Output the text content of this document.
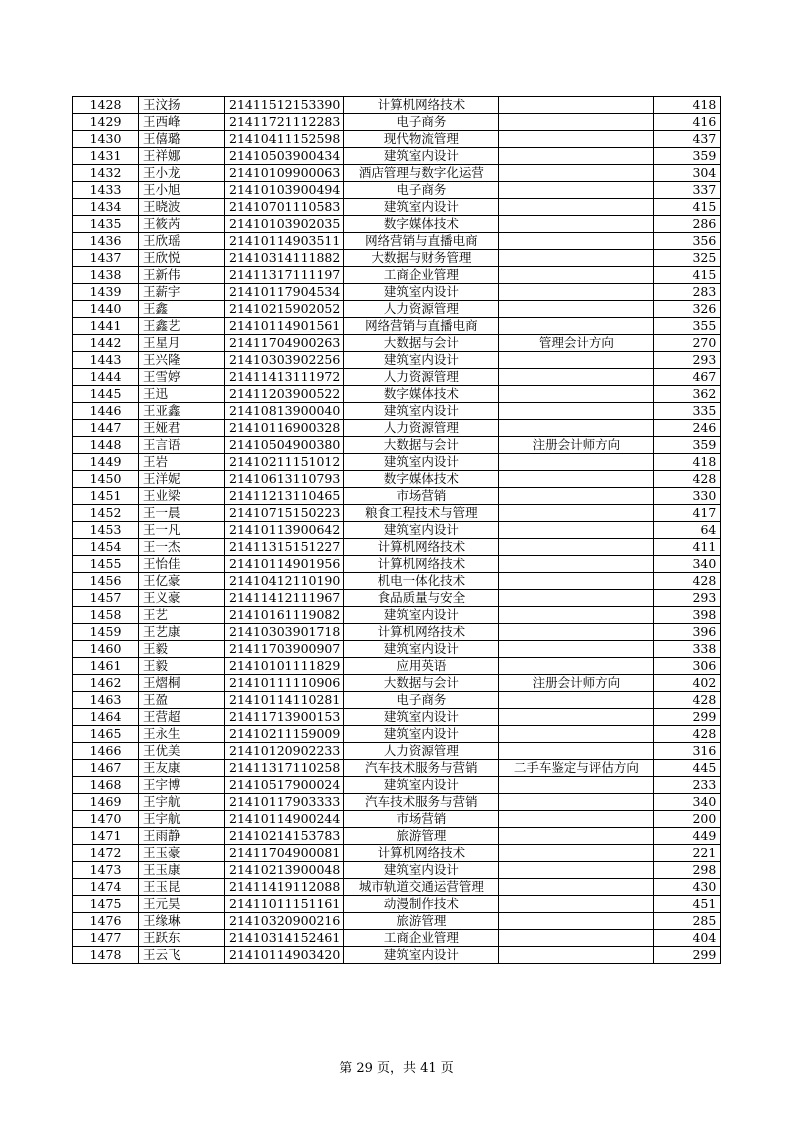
1428	王汶扬	21411512153390	计算机网络技术		418
1429	王西峰	21411721112283	电子商务		416
1430	王僖璐	21410411152598	现代物流管理		437
1431	王祥娜	21410503900434	建筑室内设计		359
1432	王小龙	21410109900063	酒店管理与数字化运营		304
1433	王小旭	21410103900494	电子商务		337
1434	王晓波	21410701110583	建筑室内设计		415
1435	王筱芮	21410103902035	数字媒体技术		286
1436	王欣瑶	21410114903511	网络营销与直播电商		356
1437	王欣悦	21410314111882	大数据与财务管理		325
1438	王新伟	21411317111197	工商企业管理		415
1439	王薪宇	21410117904534	建筑室内设计		283
1440	王鑫	21410215902052	人力资源管理		326
1441	王鑫艺	21410114901561	网络营销与直播电商		355
1442	王星月	21411704900263	大数据与会计	管理会计方向	270
1443	王兴隆	21410303902256	建筑室内设计		293
1444	王雪婷	21411413111972	人力资源管理		467
1445	王迅	21411203900522	数字媒体技术		362
1446	王亚鑫	21410813900040	建筑室内设计		335
1447	王娅君	21410116900328	人力资源管理		246
1448	王言语	21410504900380	大数据与会计	注册会计师方向	359
1449	王岩	21410211151012	建筑室内设计		418
1450	王洋妮	21410613110793	数字媒体技术		428
1451	王业梁	21411213110465	市场营销		330
1452	王一晨	21410715150223	粮食工程技术与管理		417
1453	王一凡	21410113900642	建筑室内设计		64
1454	王一杰	21411315151227	计算机网络技术		411
1455	王怡佳	21410114901956	计算机网络技术		340
1456	王亿豪	21410412110190	机电一体化技术		428
1457	王义豪	21411412111967	食品质量与安全		293
1458	王艺	21410161119082	建筑室内设计		398
1459	王艺康	21410303901718	计算机网络技术		396
1460	王毅	21411703900907	建筑室内设计		338
1461	王毅	21410101111829	应用英语		306
1462	王熠桐	21410111110906	大数据与会计	注册会计师方向	402
1463	王盈	21410114110281	电子商务		428
1464	王营超	21411713900153	建筑室内设计		299
1465	王永生	21410211159009	建筑室内设计		428
1466	王优美	21410120902233	人力资源管理		316
1467	王友康	21411317110258	汽车技术服务与营销	二手车鉴定与评估方向	445
1468	王宇博	21410517900024	建筑室内设计		233
1469	王宇航	21410117903333	汽车技术服务与营销		340
1470	王宇航	21410114900244	市场营销		200
1471	王雨静	21410214153783	旅游管理		449
1472	王玉豪	21411704900081	计算机网络技术		221
1473	王玉康	21410213900048	建筑室内设计		298
1474	王玉昆	21411419112088	城市轨道交通运营管理		430
1475	王元昊	21411011151161	动漫制作技术		451
1476	王缘琳	21410320900216	旅游管理		285
1477	王跃东	21410314152461	工商企业管理		404
1478	王云飞	21410114903420	建筑室内设计		299
第 29 页，共 41 页
